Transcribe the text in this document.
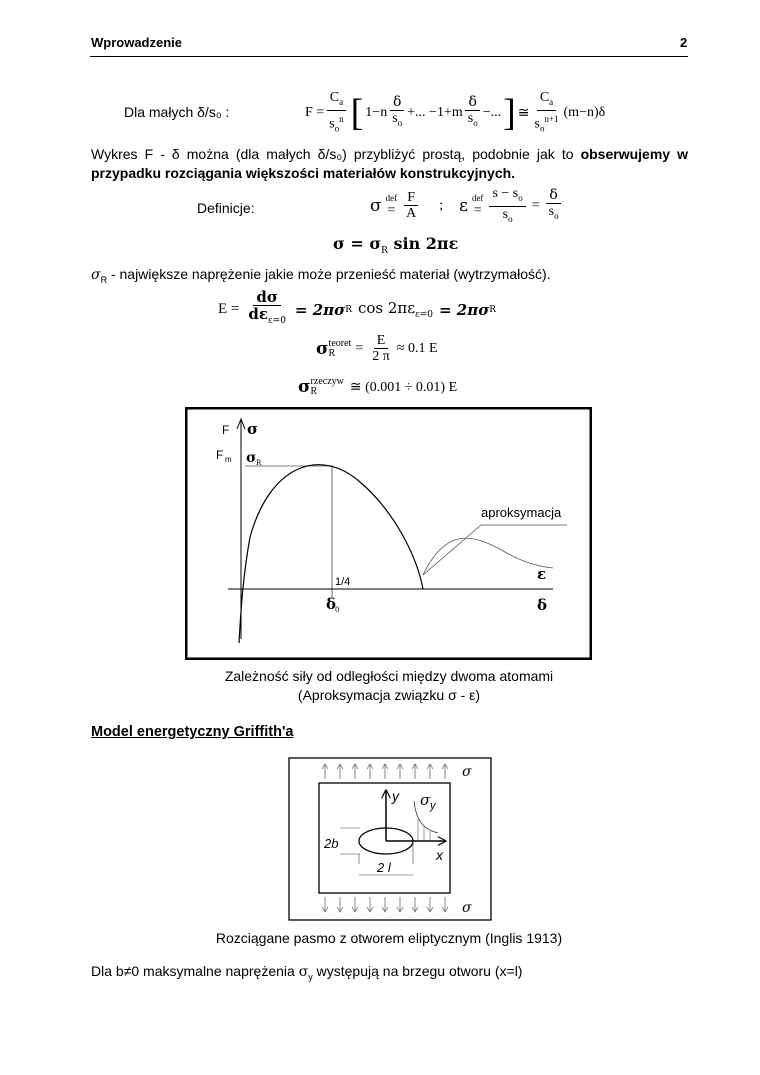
Wprowadzenie	2
Dla małych δ/s₀ :	$F = \frac{C_a}{s_o^n}$ [ $1-n \frac{\delta}{s_o}$ +... $-1+m \frac{\delta}{s_o}$ −... ] ≅ $\frac{C_a}{s_o^{n+1}} (m-n)\delta$
Wykres F - δ można (dla małych δ/s₀) przybliżyć prostą, podobnie jak to obserwujemy w przypadku rozciągania większości materiałów konstrukcyjnych.
Definicje:	σ def
= $\frac{F}{A}$ ; ε def
= $\frac{s - s_o}{s_o} = \frac{\delta}{s_o}$
$\sigma = \sigma_R$ sin 2πε
$\sigma_R$ - największe naprężenie jakie może przenieść materiał (wytrzymałość).
$E = \frac{d\sigma}{d\varepsilon_{\varepsilon=0}} = 2\pi\sigma$ R $\cos 2\pi\varepsilon_{\varepsilon=0} = 2\pi\sigma$ R
σ teoret
R	= $\frac{E}{2 \pi} \approx 0.1$ E
σ rzeczyw
R	≅ (0.001 ÷ 0.01) E
F σ
F m σ R
aproksymacja
ε
1/4
δ
0	δ
Zależność siły od odległości między dwoma atomami
(Aproksymacja związku σ - ε)
Model energetyczny Griffith'a
σ
σ
y σ y
2b
x
2 l
Rozciągane pasmo z otworem eliptycznym (Inglis 1913)
Dla b≠0 maksymalne naprężenia $\sigma_y$ występują na brzegu otworu (x=l)
